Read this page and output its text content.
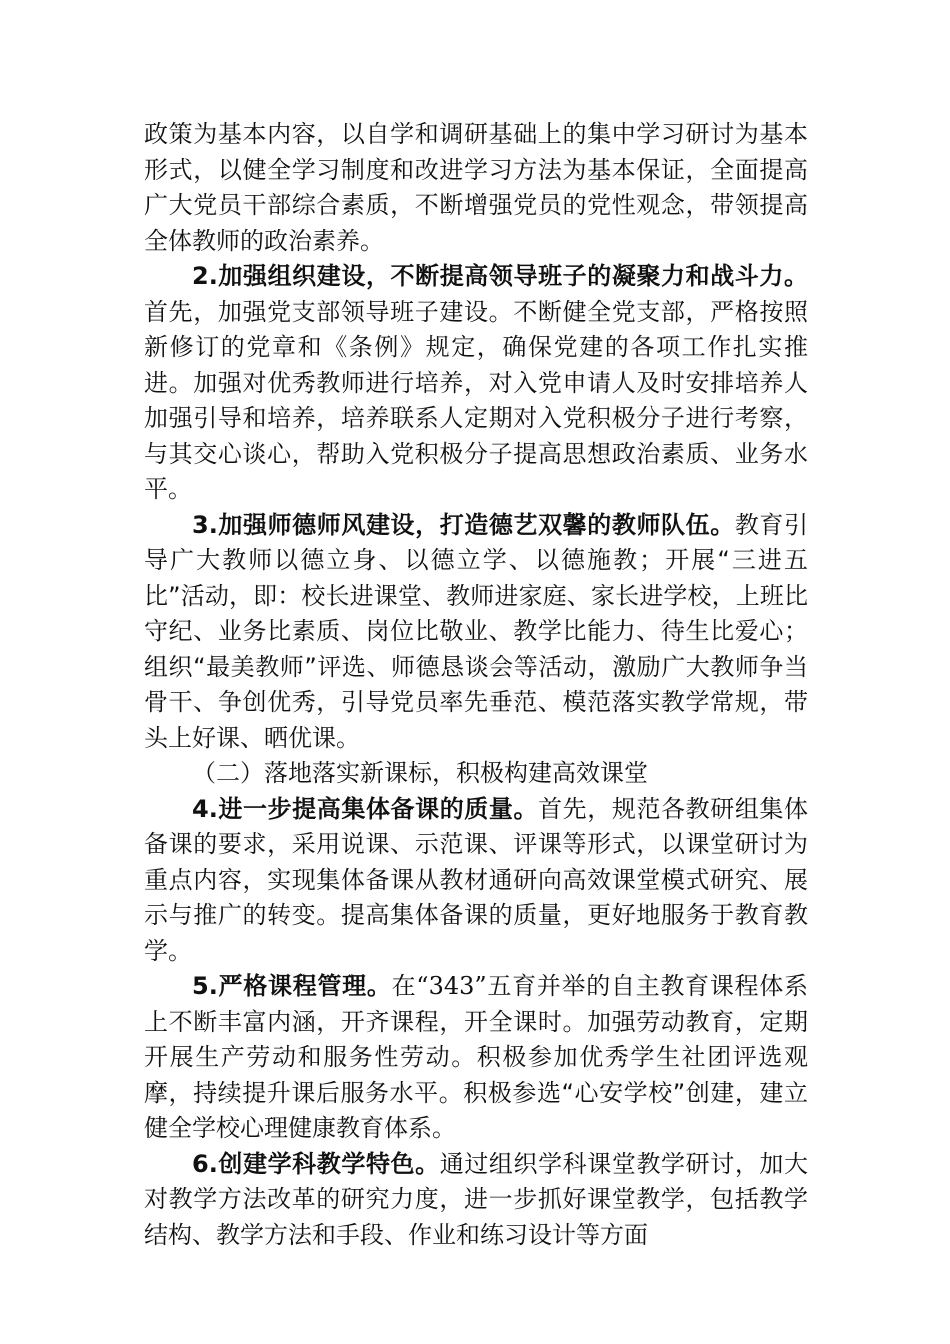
政策为基本内容，以自学和调研基础上的集中学习研讨为基本形式，以健全学习制度和改进学习方法为基本保证，全面提高广大党员干部综合素质，不断增强党员的党性观念，带领提高全体教师的政治素养。

2.加强组织建设，不断提高领导班子的凝聚力和战斗力。首先，加强党支部领导班子建设。不断健全党支部，严格按照新修订的党章和《条例》规定，确保党建的各项工作扎实推进。加强对优秀教师进行培养，对入党申请人及时安排培养人加强引导和培养，培养联系人定期对入党积极分子进行考察，与其交心谈心，帮助入党积极分子提高思想政治素质、业务水平。

3.加强师德师风建设，打造德艺双馨的教师队伍。教育引导广大教师以德立身、以德立学、以德施教；开展“三进五比”活动，即：校长进课堂、教师进家庭、家长进学校，上班比守纪、业务比素质、岗位比敬业、教学比能力、待生比爱心；组织“最美教师”评选、师德恳谈会等活动，激励广大教师争当骨干、争创优秀，引导党员率先垂范、模范落实教学常规，带头上好课、晒优课。

（二）落地落实新课标，积极构建高效课堂

4.进一步提高集体备课的质量。首先，规范各教研组集体备课的要求，采用说课、示范课、评课等形式，以课堂研讨为重点内容，实现集体备课从教材通研向高效课堂模式研究、展示与推广的转变。提高集体备课的质量，更好地服务于教育教学。

5.严格课程管理。在“343”五育并举的自主教育课程体系上不断丰富内涵，开齐课程，开全课时。加强劳动教育，定期开展生产劳动和服务性劳动。积极参加优秀学生社团评选观摩，持续提升课后服务水平。积极参选“心安学校”创建，建立健全学校心理健康教育体系。

6.创建学科教学特色。通过组织学科课堂教学研讨，加大对教学方法改革的研究力度，进一步抓好课堂教学，包括教学结构、教学方法和手段、作业和练习设计等方面
